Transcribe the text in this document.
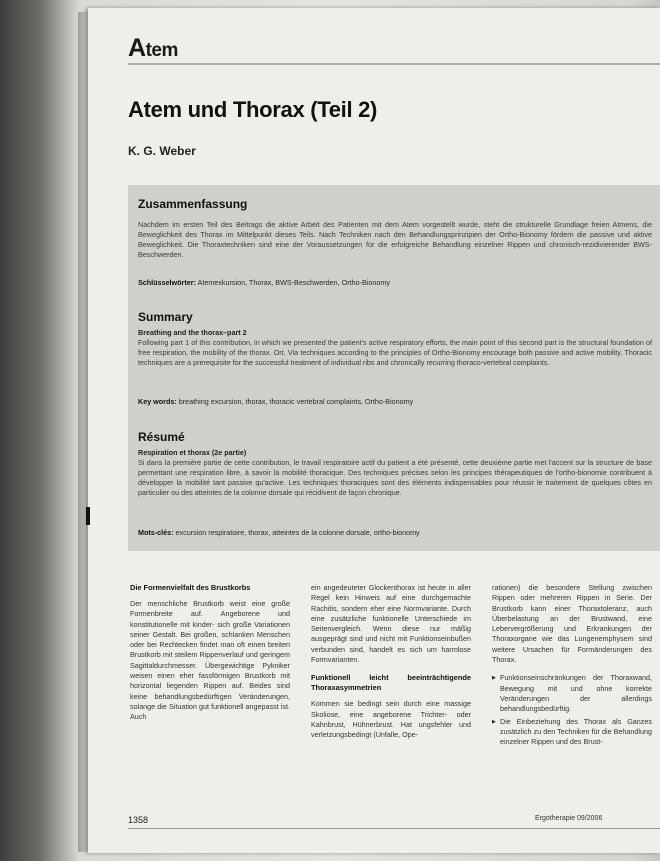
Atem
Atem und Thorax (Teil 2)
K. G. Weber
Zusammenfassung
Nachdem im ersten Teil des Beitrags die aktive Arbeit des Patienten mit dem Atem vorgestellt wurde, steht die strukturelle Grundlage freien Atmens, die Beweglichkeit des Thorax im Mittelpunkt dieses Teils. Nach Techniken nach den Behandlungsprinzipien der Ortho-Bionomy fördern die passive und aktive Beweglichkeit. Die Thoraxtechniken sind eine der Voraussetzungen für die erfolgreiche Behandlung einzelner Rippen und chronisch-rezidivierender BWS-Beschwerden.
Schlüsselwörter: Atemexkursion, Thorax, BWS-Beschwerden, Ortho-Bionomy
Summary
Breathing and the thorax–part 2
Following part 1 of this contribution, in which we presented the patient's active respiratory efforts, the main point of this second part is the structural foundation of free respiration, the mobility of the thorax. Ort. Via techniques according to the principles of Ortho-Bionomy encourage both passive and active mobility. Thoracic techniques are a prerequisite for the successful treatment of individual ribs and chronically recurring thoraco-vertebral complaints.
Key words: breathing excursion, thorax, thoracic vertebral complaints, Ortho-Bionomy
Résumé
Respiration et thorax (2e partie)
Si dans la première partie de cette contribution, le travail respiratoire actif du patient a été présenté, cette deuxième partie met l'accent sur la structure de base permettant une respiration libre, à savoir la mobilité thoracique. Des techniques précises selon les principes thérapeutiques de l'ortho-bionomie contribuent à développer la mobilité tant passive qu'active. Les techniques thoraciques sont des éléments indispensables pour réussir le traitement de quelques côtes en particulier ou des atteintes de la colonne dorsale qui récidivent de façon chronique.
Mots-clés: excursion respiratoire, thorax, atteintes de la colonne dorsale, ortho-bionomy
Die Formenvielfalt des Brustkorbs

Der menschliche Brustkorb weist eine große Formenbreite auf. Angeborene und konstitutionelle mit kinder- sich große Variationen seiner Gestalt. Bei großen, schlanken Menschen oder bei Rechtecken findet man oft einen breiten Brustkorb mit steilem Rippenverlauf und geringem Sagittaldurchmesser. Übergewichtige Pykniker weisen einen eher fassförmigen Brustkorb mit horizontal liegenden Rippen auf. Beides sind keine behandlungsbedürftigen Veränderungen, solange die Situation gut funktionell angepasst ist. Auch

ein angedeuteter Glockenthorax ist heute in aller Regel kein Hinweis auf eine durchgemachte Rachitis, sondern eher eine Normvariante. Durch eine zusätzliche funktionelle Unterschiede im Seitenvergleich. Wenn diese nur mäßig ausgeprägt sind und nicht mit Funktionseinbußen verbunden sind, handelt es sich um harmlose Formvarianten.

Funktionell leicht beeinträchtigende Thoraxasymmetrien

Kommen sie bedingt sein durch eine massige Skoliose, eine angeborene Trichter- oder Kahnbrust, Hühnerbrust. Hat ungsfehler und verletzungsbedingt (Unfalle, Ope-

rationen) die besondere Stellung zwischen Rippen oder mehreren Rippen in Serie. Der Brustkorb kann einer Thoraxtoleranz, auch Überbelastung an der Brustwand, eine Lebervergrößerung und Erkrankungen der Thoraxorgane wie das Lungenemphysem sind weitere Ursachen für Formänderungen des Thorax.

▶ Funktionseinschränkungen der Thoraxwand, Bewegung mit und ohne korrekte Veränderungen der allerdings behandlungsbedürftig.
▶ Die Einbeziehung des Thorax als Ganzes zusätzlich zu den Techniken für die Behandlung einzelner Rippen und des Brust-
1358	Ergotherapie 09/2006
